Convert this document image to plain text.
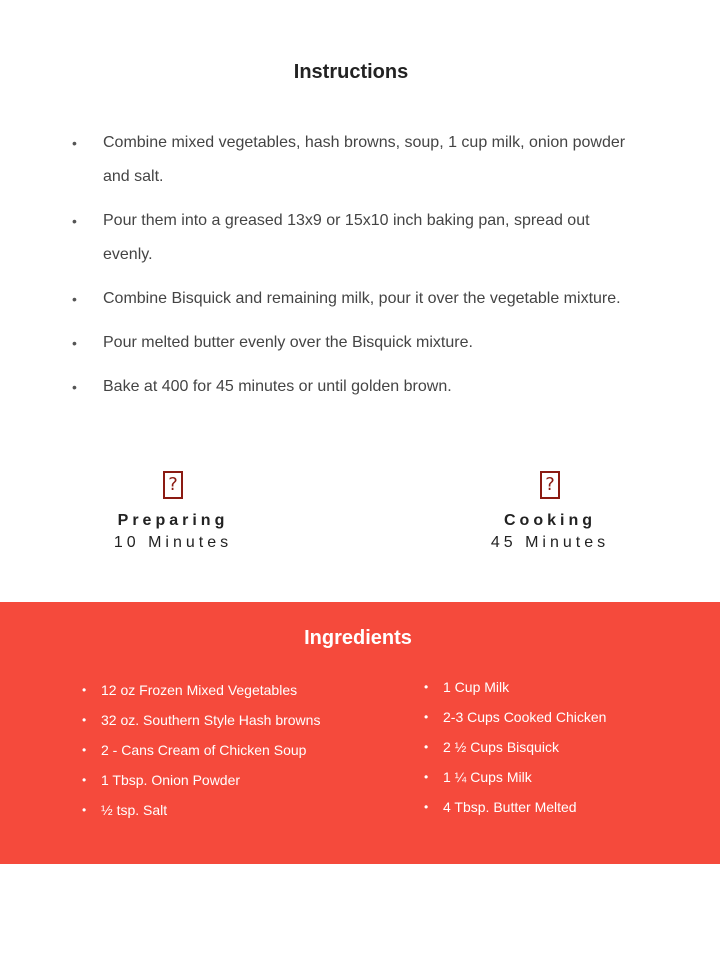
Instructions
• Combine mixed vegetables, hash browns, soup, 1 cup milk, onion powder and salt.
• Pour them into a greased 13x9 or 15x10 inch baking pan, spread out evenly.
• Combine Bisquick and remaining milk, pour it over the vegetable mixture.
• Pour melted butter evenly over the Bisquick mixture.
• Bake at 400 for 45 minutes or until golden brown.
?
Preparing
10 Minutes
?
Cooking
45 Minutes
Ingredients
• 12 oz Frozen Mixed Vegetables
• 32 oz. Southern Style Hash browns
• 2 - Cans Cream of Chicken Soup
• 1 Tbsp. Onion Powder
• ½ tsp. Salt
• 1 Cup Milk
• 2-3 Cups Cooked Chicken
• 2 ½ Cups Bisquick
• 1 ¼ Cups Milk
• 4 Tbsp. Butter Melted
